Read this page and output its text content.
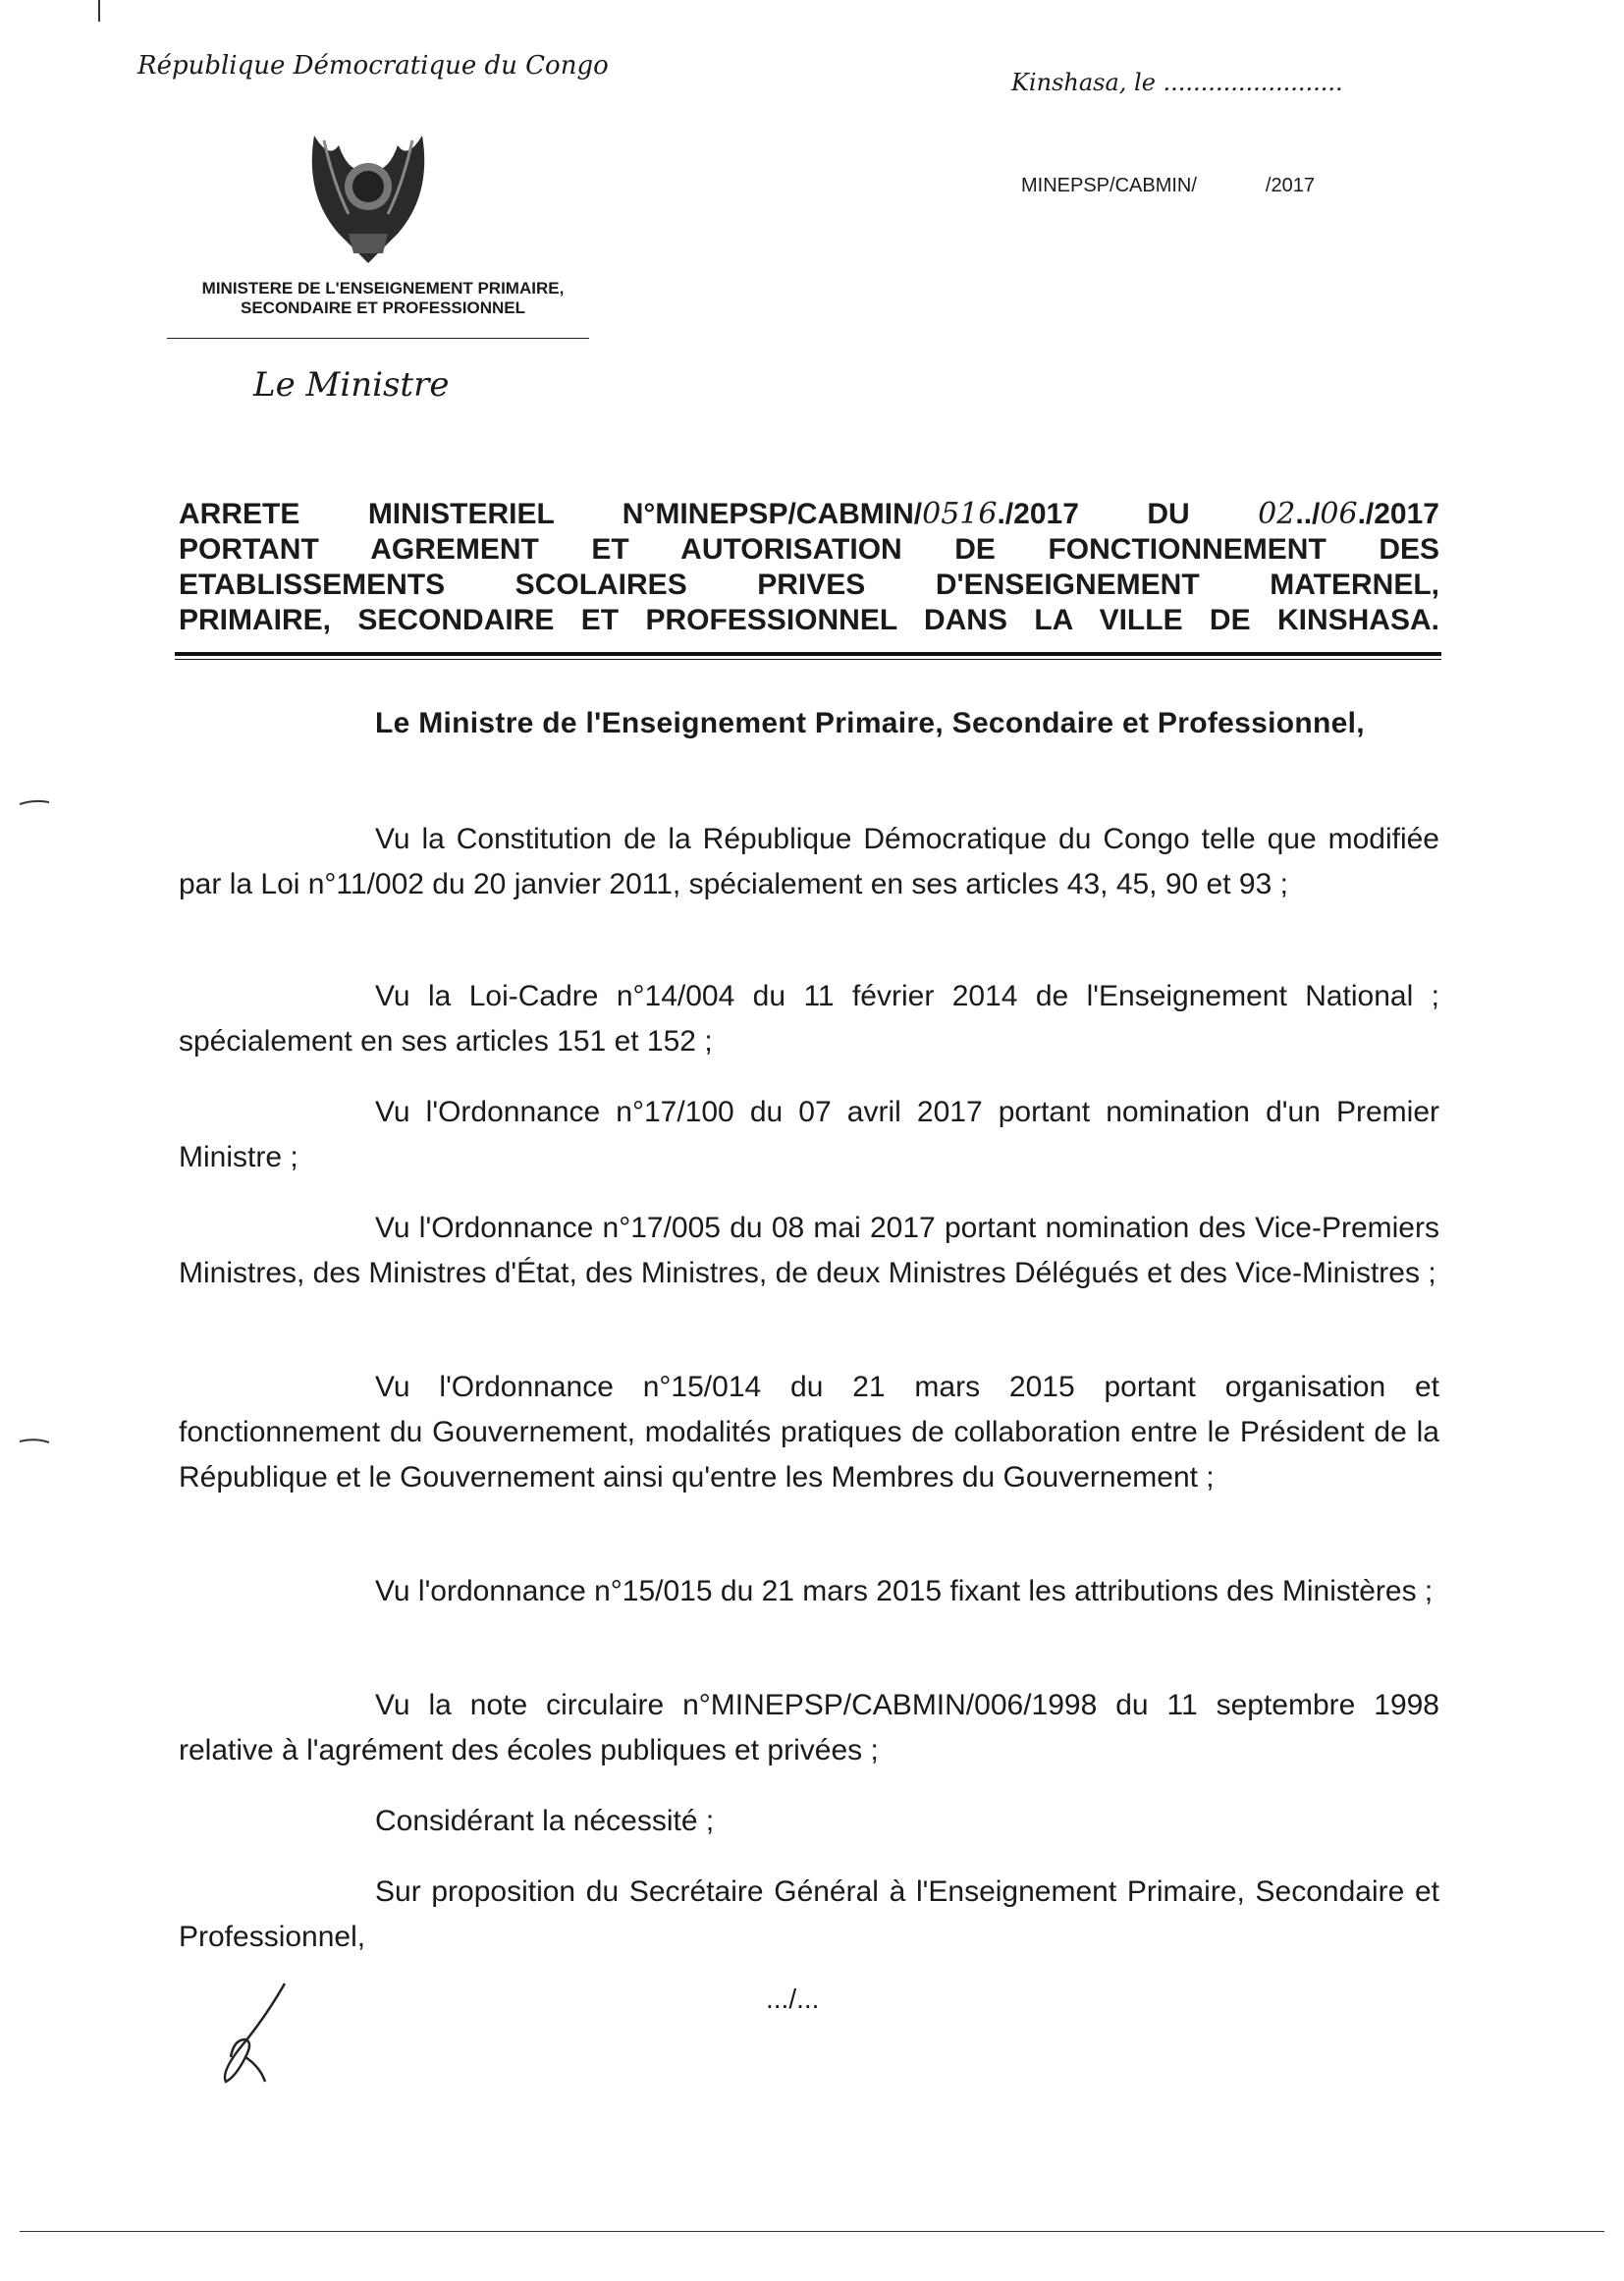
République Démocratique du Congo
Kinshasa, le ........................
MINEPSP/CABMIN/	/2017
MINISTERE DE L'ENSEIGNEMENT PRIMAIRE,
SECONDAIRE ET PROFESSIONNEL
Le Ministre
ARRETE MINISTERIEL N°MINEPSP/CABMIN/0516./2017 DU 02../06./2017
PORTANT AGREMENT ET AUTORISATION DE FONCTIONNEMENT DES
ETABLISSEMENTS SCOLAIRES PRIVES D'ENSEIGNEMENT MATERNEL,
PRIMAIRE, SECONDAIRE ET PROFESSIONNEL DANS LA VILLE DE KINSHASA.

Le Ministre de l'Enseignement Primaire, Secondaire et Professionnel,

Vu la Constitution de la République Démocratique du Congo telle que modifiée par la Loi n°11/002 du 20 janvier 2011, spécialement en ses articles 43, 45, 90 et 93 ;

Vu la Loi-Cadre n°14/004 du 11 février 2014 de l'Enseignement National ; spécialement en ses articles 151 et 152 ;

Vu l'Ordonnance n°17/100 du 07 avril 2017 portant nomination d'un Premier Ministre ;

Vu l'Ordonnance n°17/005 du 08 mai 2017 portant nomination des Vice-Premiers Ministres, des Ministres d'État, des Ministres, de deux Ministres Délégués et des Vice-Ministres ;

Vu l'Ordonnance n°15/014 du 21 mars 2015 portant organisation et fonctionnement du Gouvernement, modalités pratiques de collaboration entre le Président de la République et le Gouvernement ainsi qu'entre les Membres du Gouvernement ;

Vu l'ordonnance n°15/015 du 21 mars 2015 fixant les attributions des Ministères ;

Vu la note circulaire n°MINEPSP/CABMIN/006/1998 du 11 septembre 1998 relative à l'agrément des écoles publiques et privées ;

Considérant la nécessité ;

Sur proposition du Secrétaire Général à l'Enseignement Primaire, Secondaire et Professionnel,

.../...
